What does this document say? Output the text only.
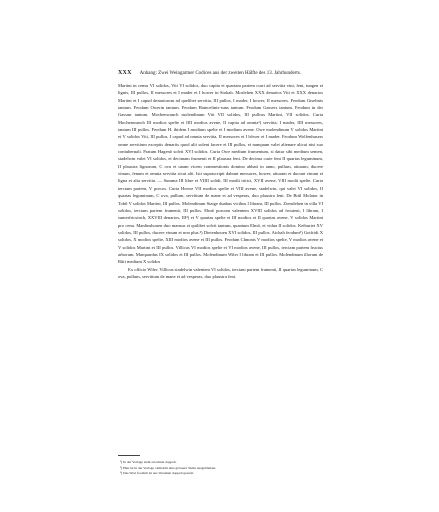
XXX Anhang: Zwei Weingartner Codices aus der zweiten Hälfte des 13. Jahrhunderts.

Martini in censu VI solidos, Viti VI solidos, duo capita et quartam partem curri ad servitia vini, feni, tungen et lignis, III pullos, II messores et I mader et I hower in Stokah. Moslehen XXX denarios Viti et XXX denarios Martini et I capud denariorum ad quelibet servitia, III pullos, I mader, I hower, II messores. Feodum Giselinis tantum. Feodum Owerin tantum. Feodum Haincelinis-suns tantum. Feodum Gassers tantum. Feodum in der Gassun tantum. Mochenwanch molendinum Viti VII solidos, III pulloss Martini, VII solidos. Curia Mochenwanch III modios spelte et IIII modios avene, II capita ad omnia¹) servitia, I mader, IIII messores, tantum III pullos. Feodum H. ibidem I modium spelte et I modium avene. Owe molendinum V solidos Martini et V solidos Viti, III pullos, I capud ad omnia servitia, II messores et I hôwer et I mader. Feodum Wolfenhusers omne servitium exceptis denariis quod alii solent facere et III pullos, et nunquam valet alienare alicui nisi suo contubernali. Pratum Hagenô solvit XVI solidos. Curia Owe medium frumentum, si datur sibi medium semen, stadelwin valet VI solidos, et decimam frumenti et II plaustra feni. De decima curie feni II quartas leguminum, II plaustra lignorum, C ova et unam vicem commestionis domino abbati in anno, pullum, atiuram, ducere vinum, fenum et omnia servitia sicut alii. Isti suprascripti dabunt messores, hower, atiuram et ducunt vinum et ligna et alia servitia. — Summa III libre et VIIII solidi, III modii tritici, XVII avene, VIII modii spelte. Curia terciam partem, V porcos. Curia Horwe VII modios spelte et VIII avene, stadelwin, qui valet VI solidos, II quartas leguminum, C ova, pullum, servitium de mane et ad vesperas, duo plaustra feni. De Brûl Molator in Tobil V solidos Martini, III pullos. Molendinum Staige duabus vicibus I libram, III pullos. Zienslehen in villa VI solidos, terciam partem frumenti, III pullos. Elmô porcum valentem XVIII solidos ad frouteni, I libram, I sumerfricsinch, XXVIII denarios, III²) et V quartas spelte et III modios et II quartas avene, V solidos Martini pro cenu. Manlinshouen duo mansus et quilibet solvit tantum, quantum Elmô, et vidua II solidos. Keiburiet XV solidos, III pullos, ducere vinum et non plus.³) Dietenhouen XVI solidos, III pullos. Aichah feodum³) Gotfridi X solidos, X modios spelte, XIII modios avene et III pullos. Feodum Chnonis V modios spelte, V modios avene et V solidos Martini et III pullos. Villicus VI modios spelte et VI modios avene, III pullos, terciam partem fructus arborum. Marquardus IX solidos et III pullos. Molendinum Wiler I libram et III pullos. Molendinum illorum de Rûti medium X solidos

Ex officio Wiler. Villicus stadelwin valentem VI solidos, terciam partem frumenti, II quartas leguminum, C ova, pullum, servitium de mane et ad vesperas, duo plaustra feni.

¹) In der Vorlage steht ad omnia doppelt.
²) Hier ist in der Vorlage vielleicht eine grössere Stelle ausgeblieben.
³) Das Wort feodum ist aus Versehen doppelt gesetzt.
